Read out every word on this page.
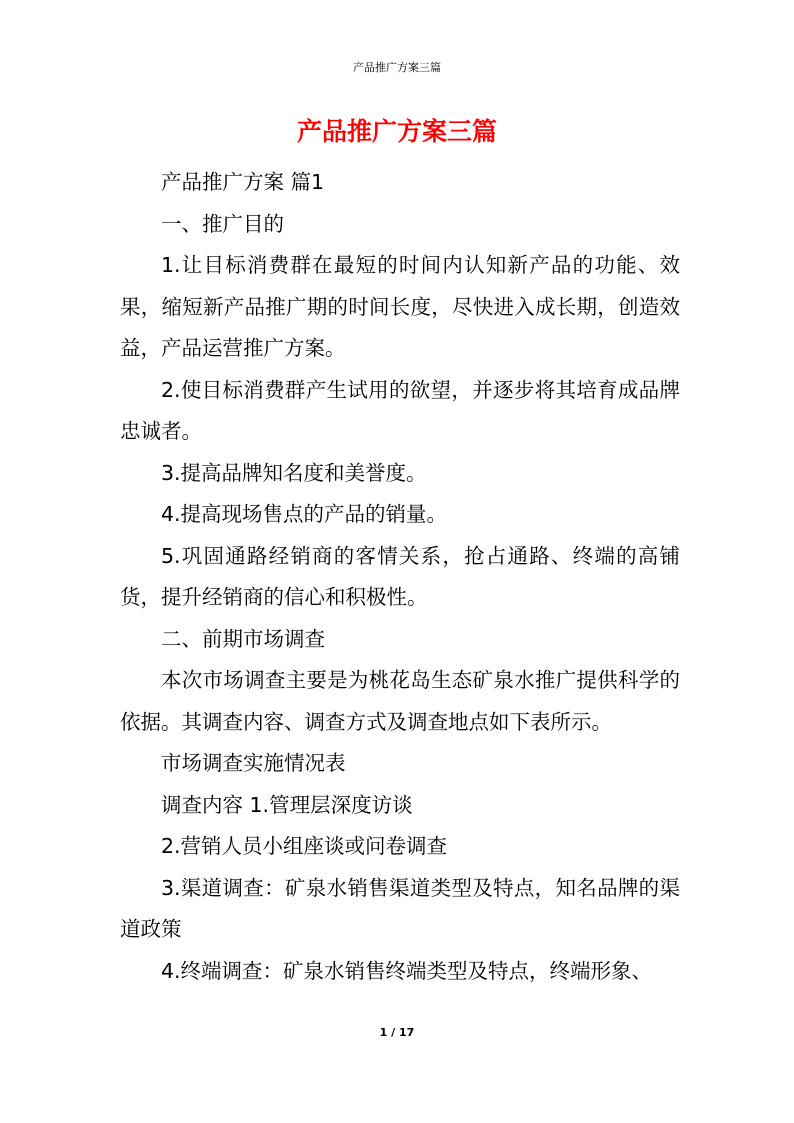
产品推广方案三篇
产品推广方案三篇

产品推广方案 篇1

一、推广目的

1.让目标消费群在最短的时间内认知新产品的功能、效果，缩短新产品推广期的时间长度，尽快进入成长期，创造效益，产品运营推广方案。

2.使目标消费群产生试用的欲望，并逐步将其培育成品牌忠诚者。

3.提高品牌知名度和美誉度。

4.提高现场售点的产品的销量。

5.巩固通路经销商的客情关系，抢占通路、终端的高铺货，提升经销商的信心和积极性。

二、前期市场调查

本次市场调查主要是为桃花岛生态矿泉水推广提供科学的依据。其调查内容、调查方式及调查地点如下表所示。

市场调查实施情况表

调查内容 1.管理层深度访谈

2.营销人员小组座谈或问卷调查

3.渠道调查：矿泉水销售渠道类型及特点，知名品牌的渠道政策

4.终端调查：矿泉水销售终端类型及特点，终端形象、

1 / 17
